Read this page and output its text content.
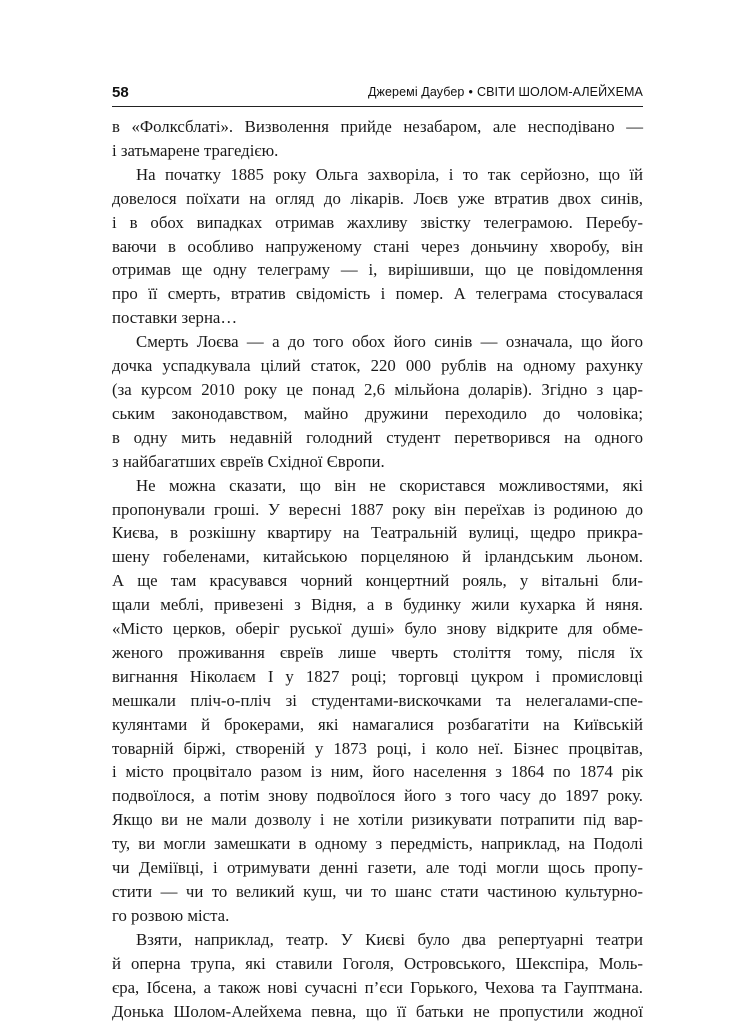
58	Джеремі Даубер • СВІТИ ШОЛОМ-АЛЕЙХЕМА

в «Фолксблаті». Визволення прийде незабаром, але несподівано —
і затьмарене трагедією.

На початку 1885 року Ольга захворіла, і то так серйозно, що їй
довелося поїхати на огляд до лікарів. Лоєв уже втратив двох синів,
і в обох випадках отримав жахливу звістку телеграмою. Перебу-
ваючи в особливо напруженому стані через доньчину хворобу, він
отримав ще одну телеграму — і, вирішивши, що це повідомлення
про її смерть, втратив свідомість і помер. А телеграма стосувалася
поставки зерна…

Смерть Лоєва — а до того обох його синів — означала, що його
дочка успадкувала цілий статок, 220 000 рублів на одному рахунку
(за курсом 2010 року це понад 2,6 мільйона доларів). Згідно з цар-
ським законодавством, майно дружини переходило до чоловіка;
в одну мить недавній голодний студент перетворився на одного
з найбагатших євреїв Східної Європи.

Не можна сказати, що він не скористався можливостями, які
пропонували гроші. У вересні 1887 року він переїхав із родиною до
Києва, в розкішну квартиру на Театральній вулиці, щедро прикра-
шену гобеленами, китайською порцеляною й ірландським льоном.
А ще там красувався чорний концертний рояль, у вітальні бли-
щали меблі, привезені з Відня, а в будинку жили кухарка й няня.
«Місто церков, оберіг руської душі» було знову відкрите для обме-
женого проживання євреїв лише чверть століття тому, після їх
вигнання Ніколаєм І у 1827 році; торговці цукром і промисловці
мешкали пліч-о-пліч зі студентами-вискочками та нелегалами-спе-
кулянтами й брокерами, які намагалися розбагатіти на Київській
товарній біржі, створеній у 1873 році, і коло неї. Бізнес процвітав,
і місто процвітало разом із ним, його населення з 1864 по 1874 рік
подвоїлося, а потім знову подвоїлося його з того часу до 1897 року.
Якщо ви не мали дозволу і не хотіли ризикувати потрапити під вар-
ту, ви могли замешкати в одному з передмість, наприклад, на Подолі
чи Деміївці, і отримувати денні газети, але тоді могли щось пропу-
стити — чи то великий куш, чи то шанс стати частиною культурно-
го розвою міста.

Взяти, наприклад, театр. У Києві було два репертуарні театри
й оперна трупа, які ставили Гоголя, Островського, Шекспіра, Моль-
єра, Ібсена, а також нові сучасні п’єси Горького, Чехова та Гауптмана.
Донька Шолом-Алейхема певна, що її батьки не пропустили жодної
